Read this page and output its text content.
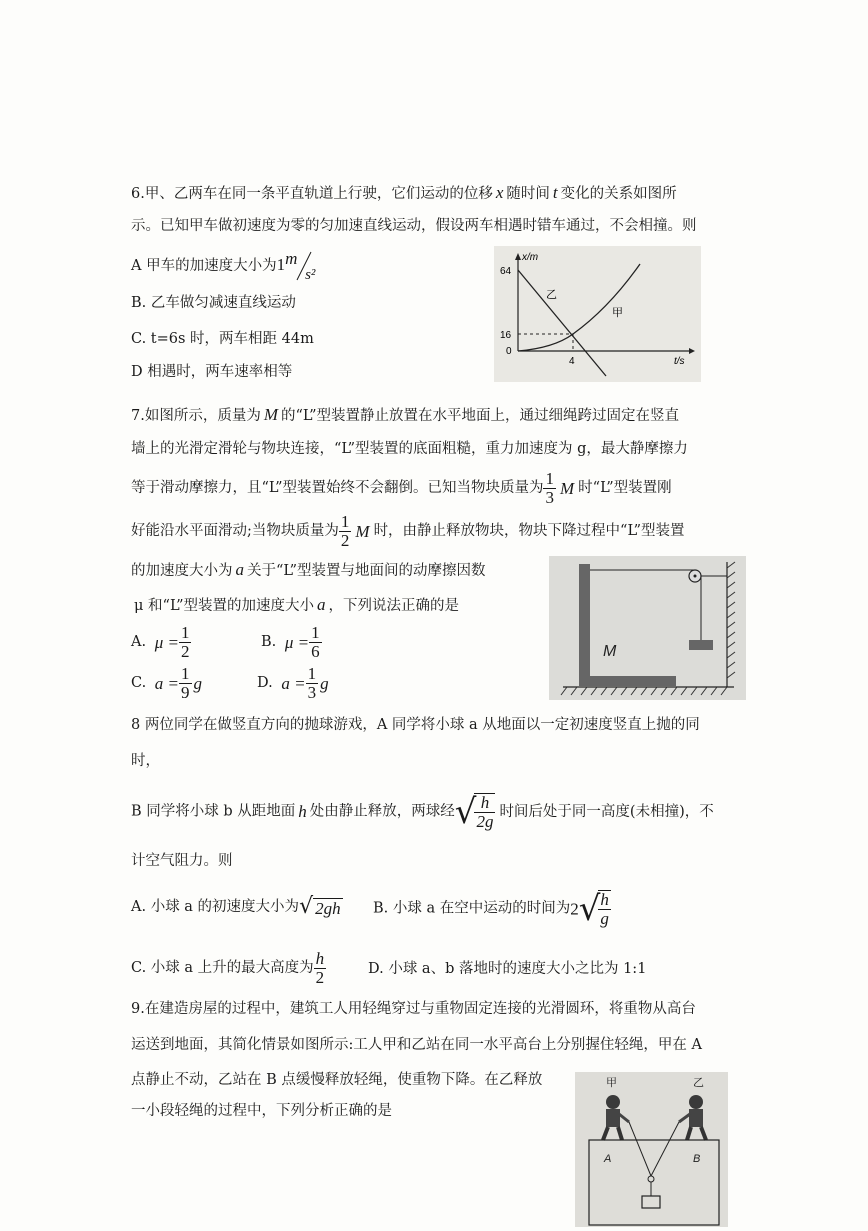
6.甲、乙两车在同一条平直轨道上行驶，它们运动的位移 x 随时间 t 变化的关系如图所
示。已知甲车做初速度为零的匀加速直线运动，假设两车相遇时错车通过，不会相撞。则
A 甲车的加速度大小为1 m
s²
B. 乙车做匀减速直线运动
C. t=6s 时，两车相距 44m
D 相遇时，两车速率相等
x/m
64
16
0
4	t/s
乙
甲
7.如图所示，质量为 M 的“L”型装置静止放置在水平地面上，通过细绳跨过固定在竖直
墙上的光滑定滑轮与物块连接，“L”型装置的底面粗糙，重力加速度为 g，最大静摩擦力
等于滑动摩擦力，且“L”型装置始终不会翻倒。已知当物块质量为 $\frac{1}{3}$ M 时“L”型装置刚
好能沿水平面滑动;当物块质量为 $\frac{1}{2}$ M 时，由静止释放物块，物块下降过程中“L”型装置
的加速度大小为 a 关于“L”型装置与地面间的动摩擦因数
μ 和“L”型装置的加速度大小 a ，下列说法正确的是
A. $\mu = \frac{1}{2}$	B. $\mu = \frac{1}{6}$
C. $a = \frac{1}{9}$ g	D. $a = \frac{1}{3}$ g
M
8 两位同学在做竖直方向的抛球游戏，A 同学将小球 a 从地面以一定初速度竖直上抛的同
时，
B 同学将小球 b 从距地面 h 处由静止释放，两球经√
$\frac{h}{2g}$ 时间后处于同一高度(未相撞)，不
计空气阻力。则
A. 小球 a 的初速度大小为√ 2gh B. 小球 a 在空中运动的时间为2√
$\frac{h}{g}$
C. 小球 a 上升的最大高度为 $\frac{h}{2}$	D. 小球 a、b 落地时的速度大小之比为 1:1
9.在建造房屋的过程中，建筑工人用轻绳穿过与重物固定连接的光滑圆环，将重物从高台
运送到地面，其简化情景如图所示:工人甲和乙站在同一水平高台上分别握住轻绳，甲在 A
点静止不动，乙站在 B 点缓慢释放轻绳，使重物下降。在乙释放
一小段轻绳的过程中，下列分析正确的是
甲	乙
A	B
